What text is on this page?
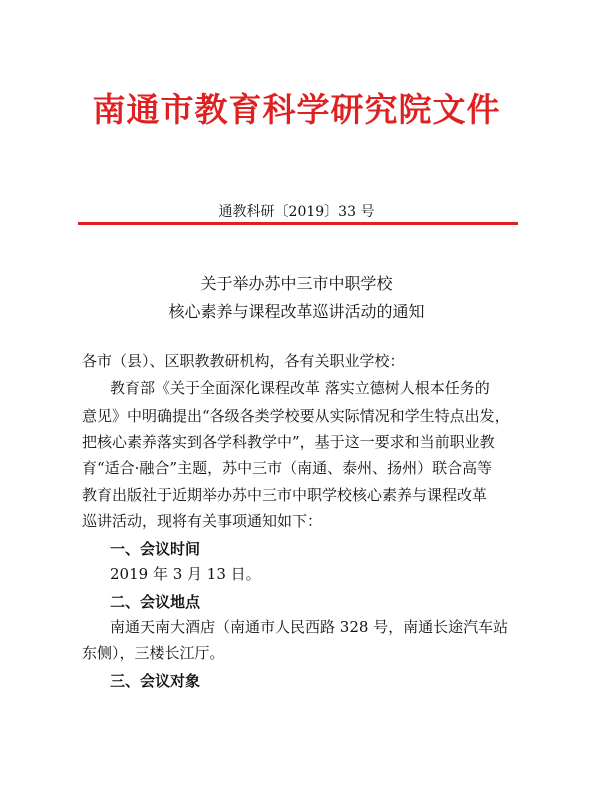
南通市教育科学研究院文件
通教科研〔2019〕33 号
关于举办苏中三市中职学校
核心素养与课程改革巡讲活动的通知
各市（县）、区职教教研机构，各有关职业学校：
教育部《关于全面深化课程改革 落实立德树人根本任务的
意见》中明确提出“各级各类学校要从实际情况和学生特点出发，
把核心素养落实到各学科教学中”，基于这一要求和当前职业教
育“适合·融合”主题，苏中三市（南通、泰州、扬州）联合高等
教育出版社于近期举办苏中三市中职学校核心素养与课程改革
巡讲活动，现将有关事项通知如下：
一、会议时间
2019 年 3 月 13 日。
二、会议地点
南通天南大酒店（南通市人民西路 328 号，南通长途汽车站
东侧），三楼长江厅。
三、会议对象
